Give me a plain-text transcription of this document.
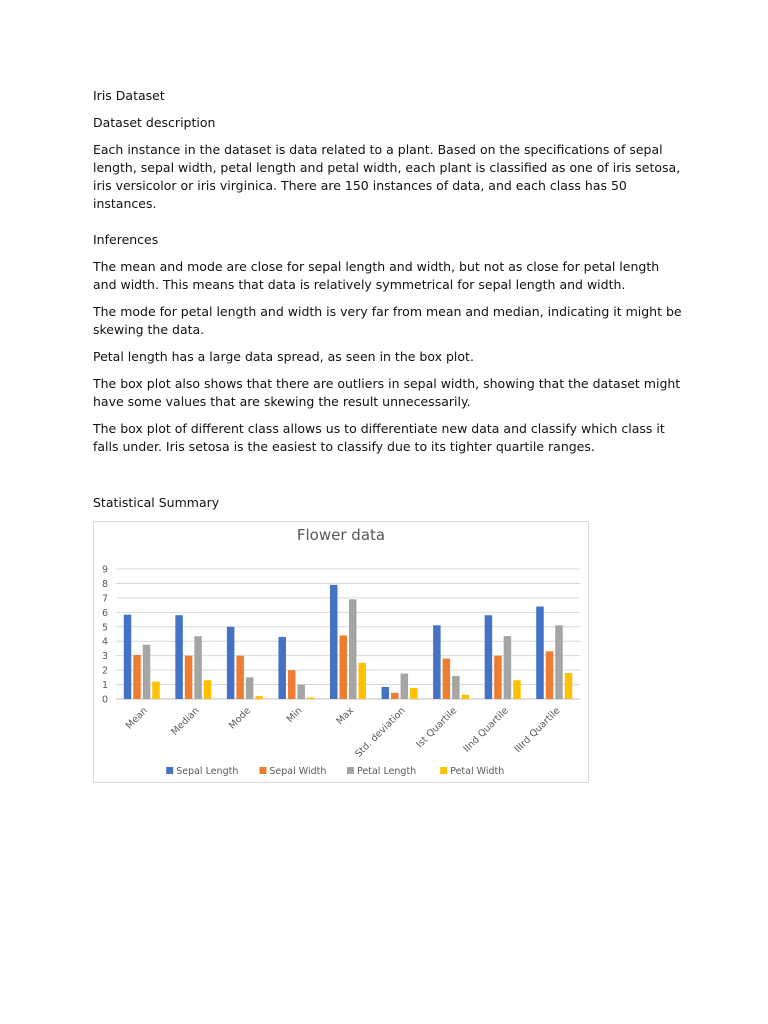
Iris Dataset

Dataset description

Each instance in the dataset is data related to a plant. Based on the specifications of sepal length, sepal width, petal length and petal width, each plant is classified as one of iris setosa, iris versicolor or iris virginica. There are 150 instances of data, and each class has 50 instances.

Inferences

The mean and mode are close for sepal length and width, but not as close for petal length and width. This means that data is relatively symmetrical for sepal length and width.

The mode for petal length and width is very far from mean and median, indicating it might be skewing the data.

Petal length has a large data spread, as seen in the box plot.

The box plot also shows that there are outliers in sepal width, showing that the dataset might have some values that are skewing the result unnecessarily.

The box plot of different class allows us to differentiate new data and classify which class it falls under. Iris setosa is the easiest to classify due to its tighter quartile ranges.

Statistical Summary

Flower data
0
1
2
3
4
5
6
7
8
9
Mean Median	Mode	Min	Max
Std. deviation Ist Quartile IInd Quartile IIIrd Quartile
Sepal Length	Sepal Width	Petal Length	Petal Width
